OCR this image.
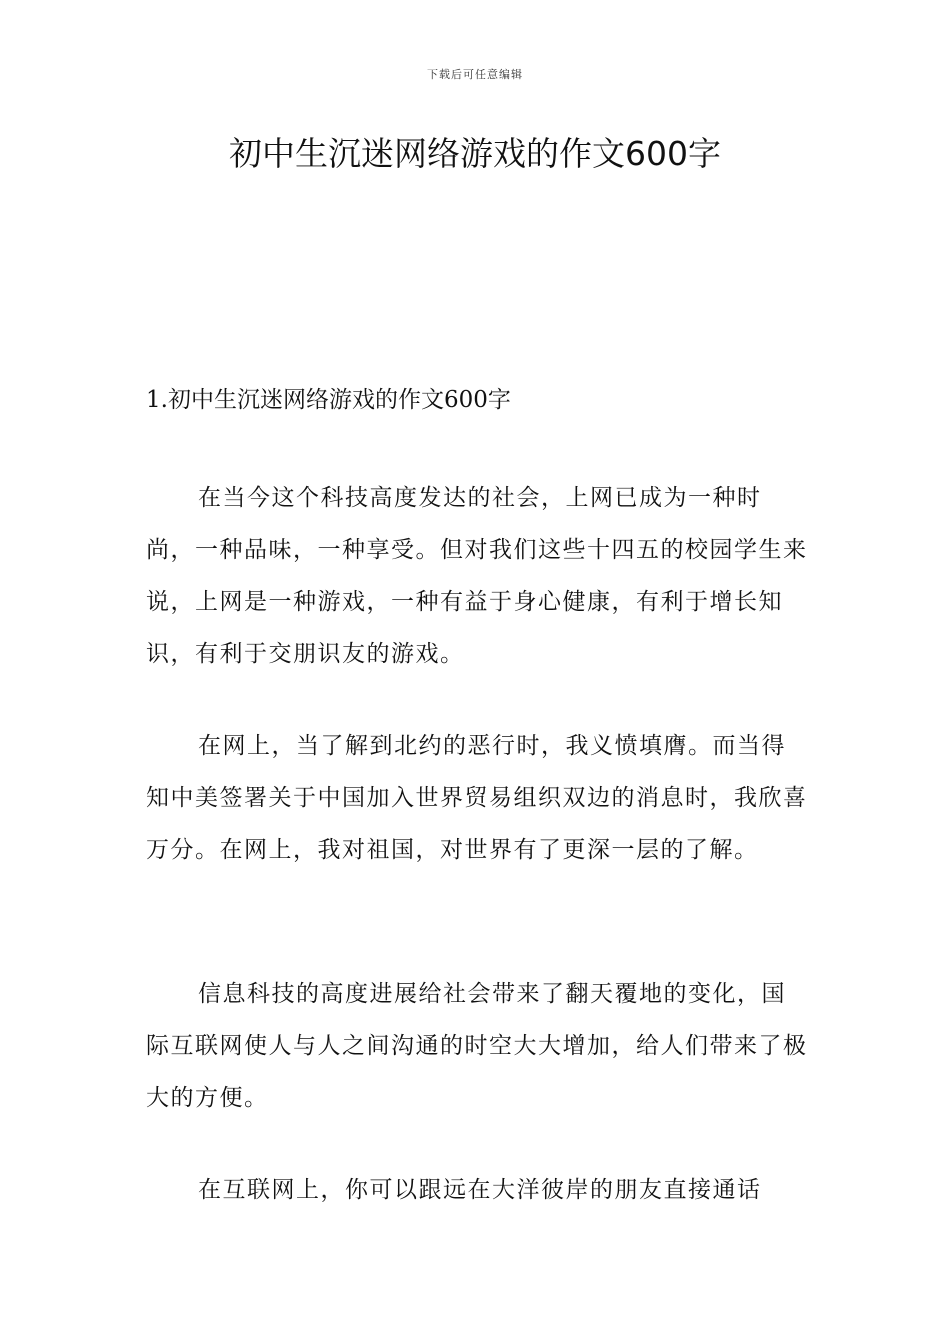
下载后可任意编辑
初中生沉迷网络游戏的作文600字
1.初中生沉迷网络游戏的作文600字

在当今这个科技高度发达的社会，上网已成为一种时尚，一种品味，一种享受。但对我们这些十四五的校园学生来说，上网是一种游戏，一种有益于身心健康，有利于增长知识，有利于交朋识友的游戏。

在网上，当了解到北约的恶行时，我义愤填膺。而当得知中美签署关于中国加入世界贸易组织双边的消息时，我欣喜万分。在网上，我对祖国，对世界有了更深一层的了解。

信息科技的高度进展给社会带来了翻天覆地的变化，国际互联网使人与人之间沟通的时空大大增加，给人们带来了极大的方便。

在互联网上，你可以跟远在大洋彼岸的朋友直接通话
